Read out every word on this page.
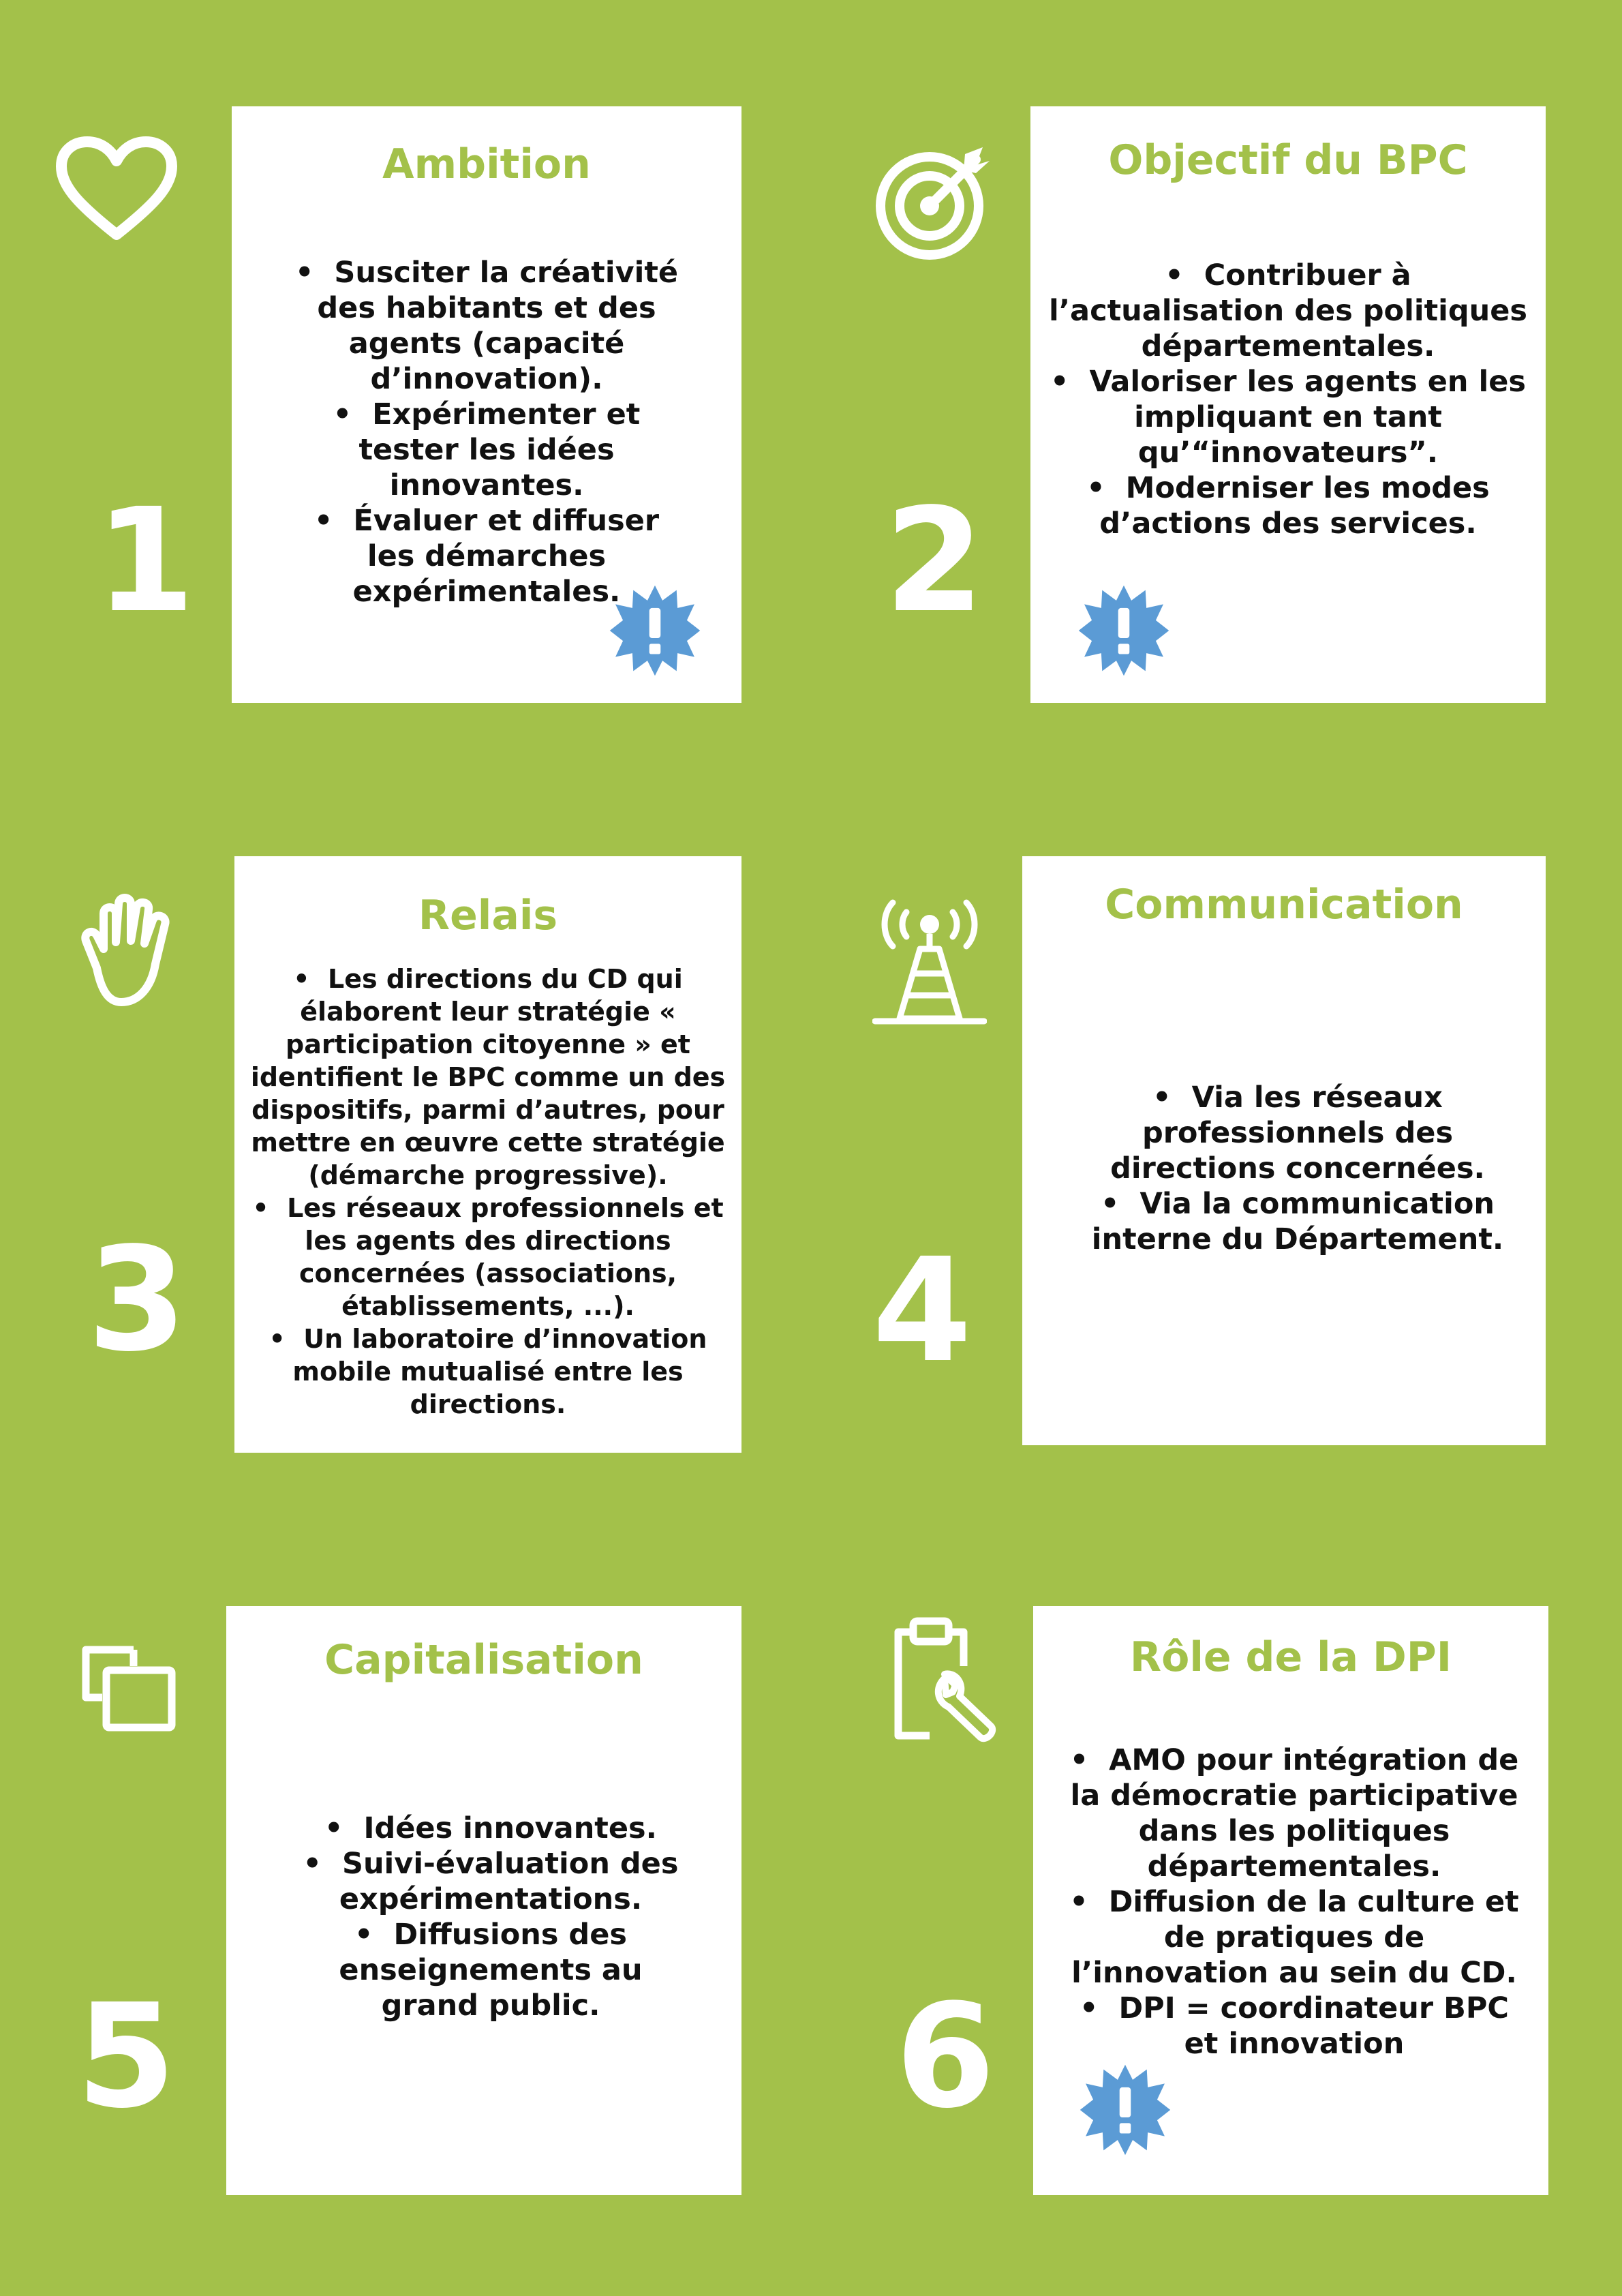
1
Ambition
•  Susciter la créativité des habitants et des agents (capacité d’innovation).
•  Expérimenter et tester les idées innovantes.
•  Évaluer et diffuser les démarches expérimentales.	2
Objectif du BPC
•  Contribuer à l’actualisation des politiques départementales.
•  Valoriser les agents en les impliquant en tant qu’“innovateurs”.
•  Moderniser les modes d’actions des services.
3
Relais
•  Les directions du CD qui élaborent leur stratégie « participation citoyenne » et identifient le BPC comme un des dispositifs, parmi d’autres, pour mettre en œuvre cette stratégie (démarche progressive).
•  Les réseaux professionnels et les agents des directions concernées (associations, établissements, ...).
•  Un laboratoire d’innovation mobile mutualisé entre les directions.
4
Communication
•  Via les réseaux professionnels des directions concernées.
•  Via la communication interne du Département.
5
Capitalisation
•  Idées innovantes.
•  Suivi-évaluation des expérimentations.
•  Diffusions des enseignements au grand public.	6
Rôle de la DPI
•  AMO pour intégration de la démocratie participative dans les politiques départementales.
•  Diffusion de la culture et de pratiques de l’innovation au sein du CD.
•  DPI = coordinateur BPC et innovation
